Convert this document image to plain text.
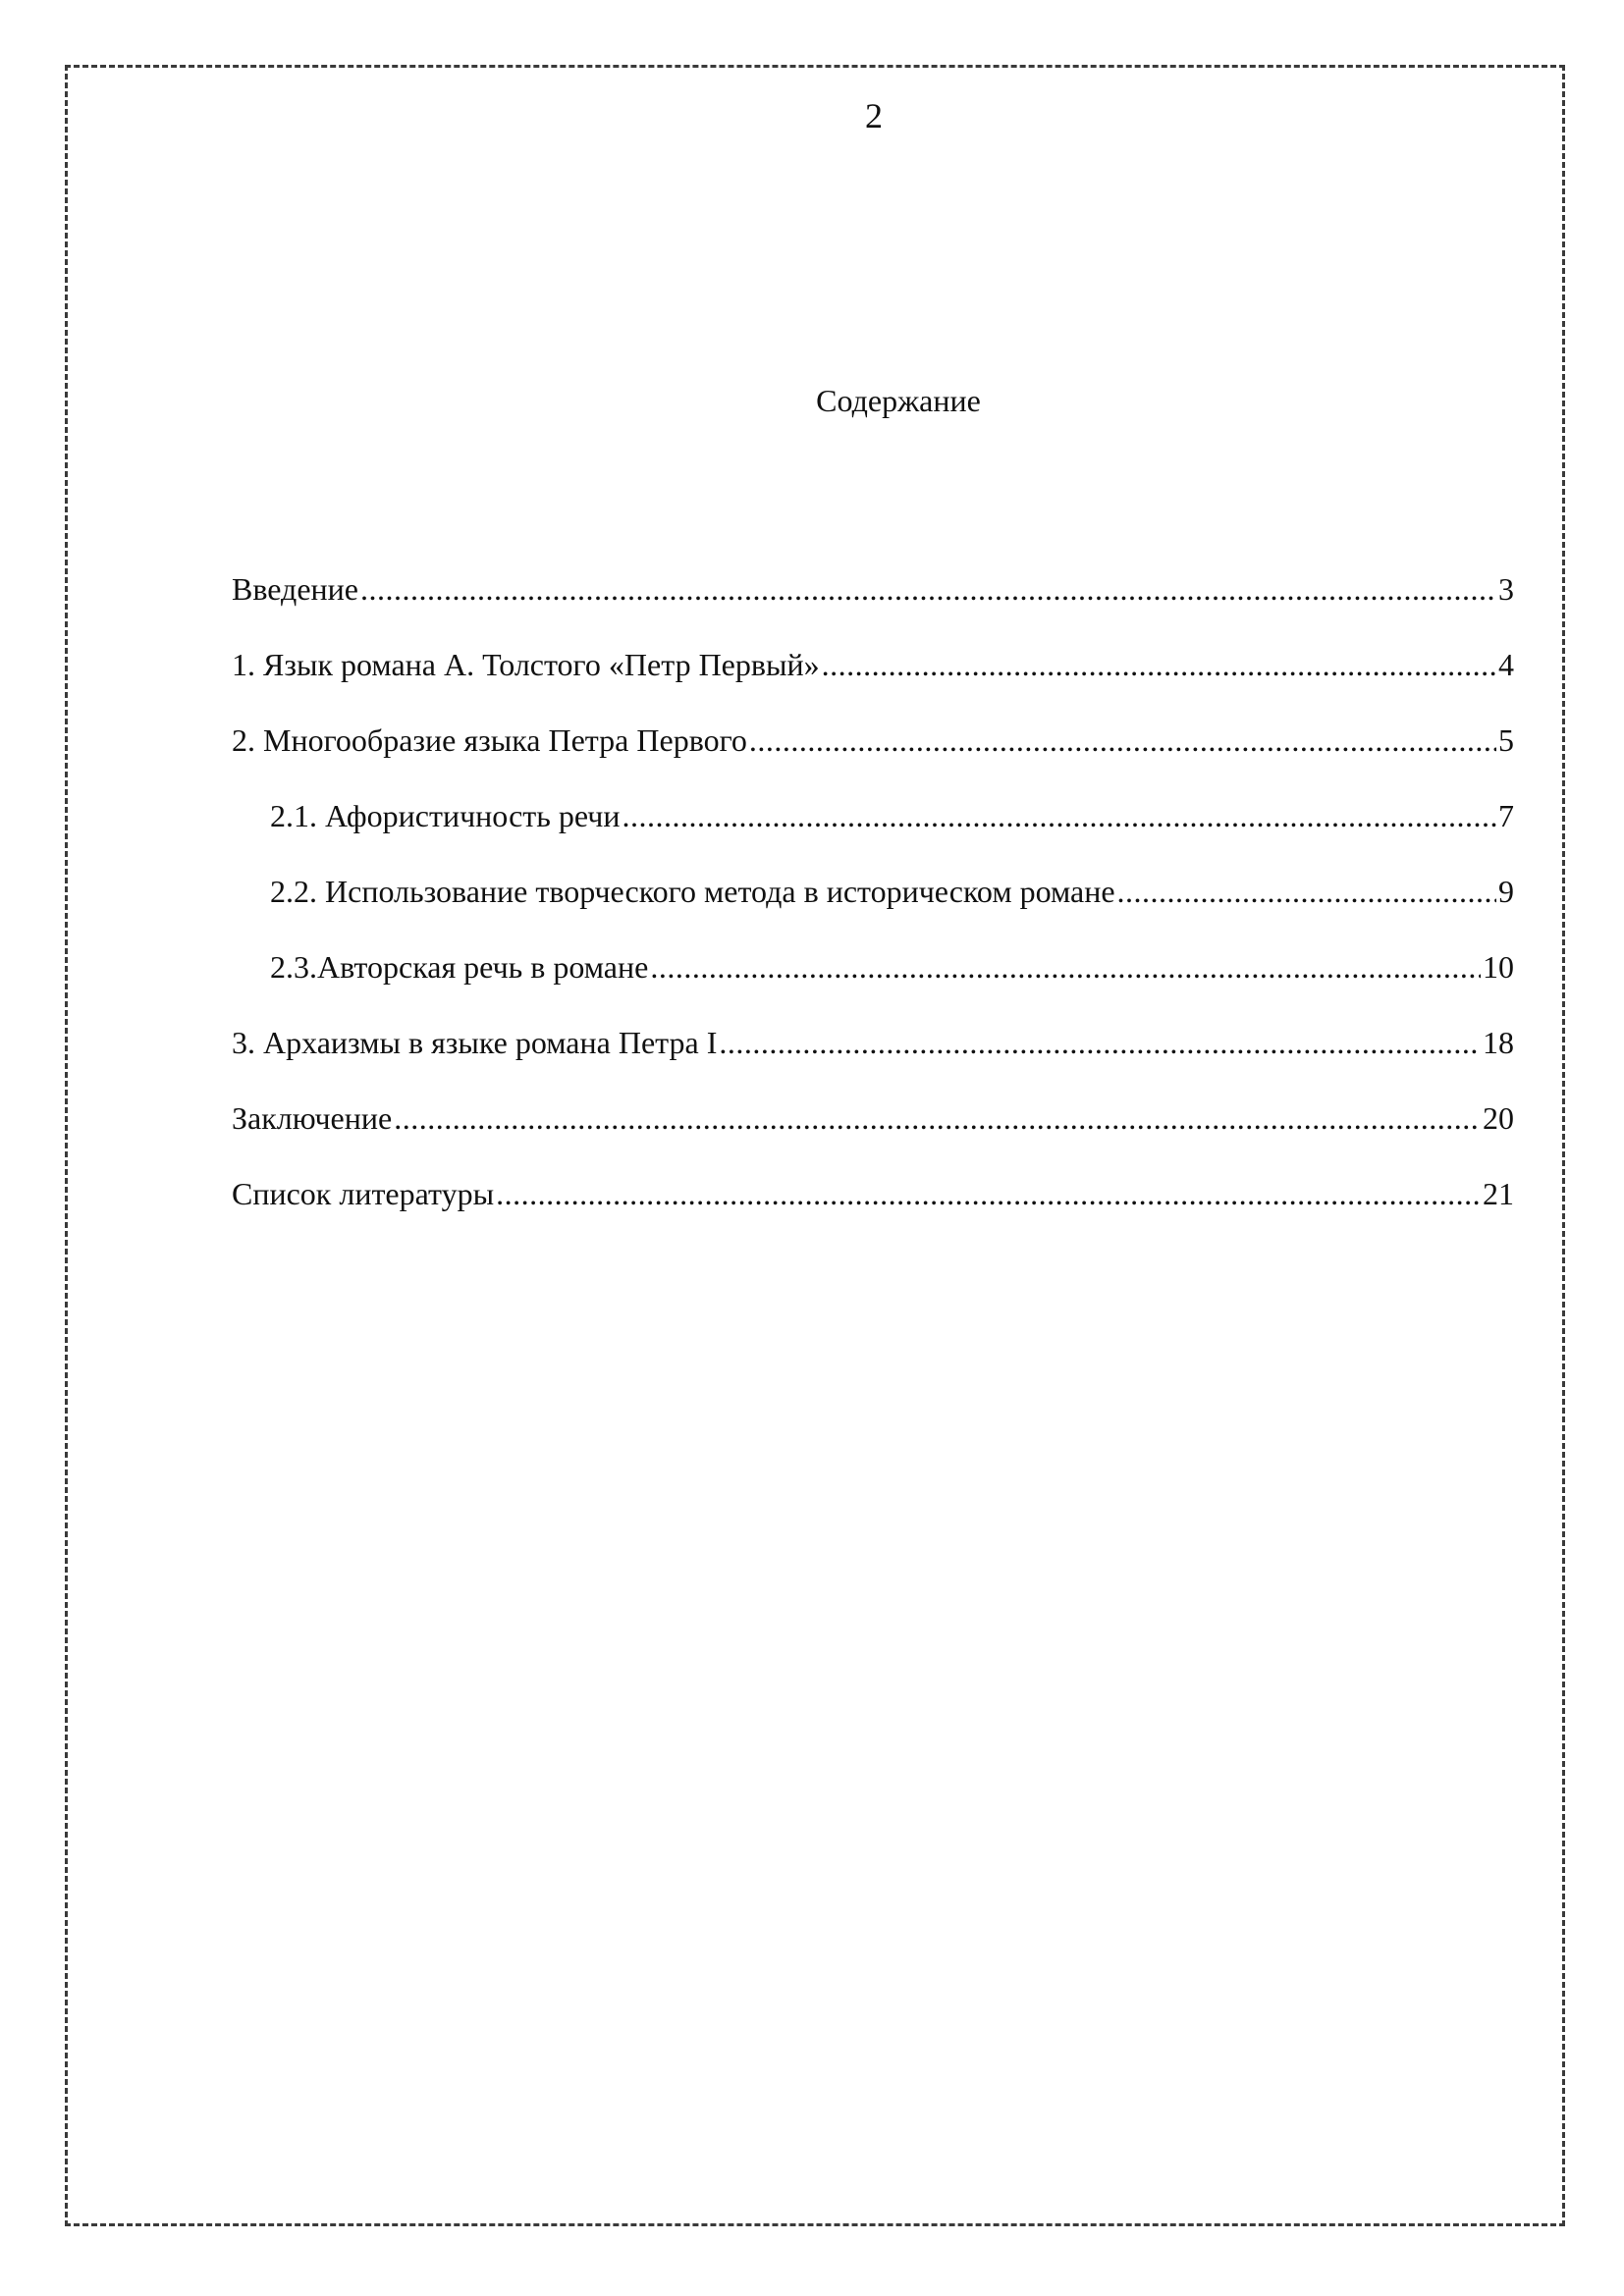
2
Содержание
Введение .....	3
1. Язык романа А. Толстого «Петр Первый» .....	4
2. Многообразие языка Петра Первого .....	5
2.1. Афористичность речи .....	7
2.2. Использование творческого метода в историческом романе .....	9
2.3.Авторская речь в романе .....	10
3. Архаизмы в языке романа Петра I .....	18
Заключение .....	20
Список литературы .....	21
